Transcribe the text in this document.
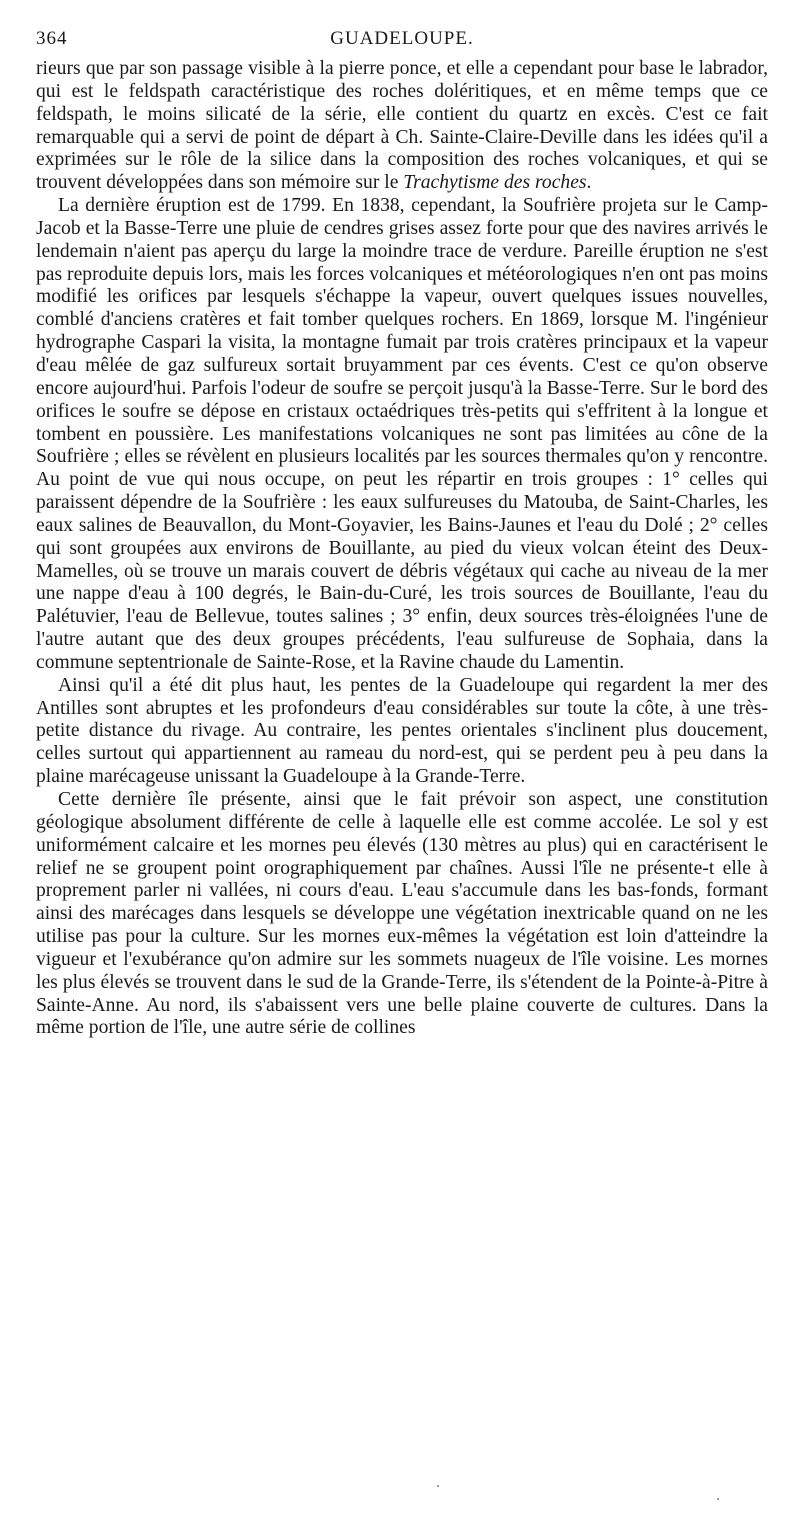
364	GUADELOUPE.

rieurs que par son passage visible à la pierre ponce, et elle a cependant pour base le labrador, qui est le feldspath caractéristique des roches doléritiques, et en même temps que ce feldspath, le moins silicaté de la série, elle contient du quartz en excès. C'est ce fait remarquable qui a servi de point de départ à Ch. Sainte-Claire-Deville dans les idées qu'il a exprimées sur le rôle de la silice dans la composition des roches volcaniques, et qui se trouvent développées dans son mémoire sur le Trachytisme des roches.

La dernière éruption est de 1799. En 1838, cependant, la Soufrière projeta sur le Camp-Jacob et la Basse-Terre une pluie de cendres grises assez forte pour que des navires arrivés le lendemain n'aient pas aperçu du large la moindre trace de verdure. Pareille éruption ne s'est pas reproduite depuis lors, mais les forces volcaniques et météorologiques n'en ont pas moins modifié les orifices par lesquels s'échappe la vapeur, ouvert quelques issues nouvelles, comblé d'anciens cratères et fait tomber quelques rochers. En 1869, lorsque M. l'ingénieur hydrographe Caspari la visita, la montagne fumait par trois cratères principaux et la vapeur d'eau mêlée de gaz sulfureux sortait bruyamment par ces évents. C'est ce qu'on observe encore aujourd'hui. Parfois l'odeur de soufre se perçoit jusqu'à la Basse-Terre. Sur le bord des orifices le soufre se dépose en cristaux octaédriques très-petits qui s'effritent à la longue et tombent en poussière. Les manifestations volcaniques ne sont pas limitées au cône de la Soufrière ; elles se révèlent en plusieurs localités par les sources thermales qu'on y rencontre. Au point de vue qui nous occupe, on peut les répartir en trois groupes : 1° celles qui paraissent dépendre de la Soufrière : les eaux sulfureuses du Matouba, de Saint-Charles, les eaux salines de Beauvallon, du Mont-Goyavier, les Bains-Jaunes et l'eau du Dolé ; 2° celles qui sont groupées aux environs de Bouillante, au pied du vieux volcan éteint des Deux-Mamelles, où se trouve un marais couvert de débris végétaux qui cache au niveau de la mer une nappe d'eau à 100 degrés, le Bain-du-Curé, les trois sources de Bouillante, l'eau du Palétuvier, l'eau de Bellevue, toutes salines ; 3° enfin, deux sources très-éloignées l'une de l'autre autant que des deux groupes précédents, l'eau sulfureuse de Sophaia, dans la commune septentrionale de Sainte-Rose, et la Ravine chaude du Lamentin.

Ainsi qu'il a été dit plus haut, les pentes de la Guadeloupe qui regardent la mer des Antilles sont abruptes et les profondeurs d'eau considérables sur toute la côte, à une très-petite distance du rivage. Au contraire, les pentes orientales s'inclinent plus doucement, celles surtout qui appartiennent au rameau du nord-est, qui se perdent peu à peu dans la plaine marécageuse unissant la Guadeloupe à la Grande-Terre.

Cette dernière île présente, ainsi que le fait prévoir son aspect, une constitution géologique absolument différente de celle à laquelle elle est comme accolée. Le sol y est uniformément calcaire et les mornes peu élevés (130 mètres au plus) qui en caractérisent le relief ne se groupent point orographiquement par chaînes. Aussi l'île ne présente-t elle à proprement parler ni vallées, ni cours d'eau. L'eau s'accumule dans les bas-fonds, formant ainsi des marécages dans lesquels se développe une végétation inextricable quand on ne les utilise pas pour la culture. Sur les mornes eux-mêmes la végétation est loin d'atteindre la vigueur et l'exubérance qu'on admire sur les sommets nuageux de l'île voisine. Les mornes les plus élevés se trouvent dans le sud de la Grande-Terre, ils s'étendent de la Pointe-à-Pitre à Sainte-Anne. Au nord, ils s'abaissent vers une belle plaine couverte de cultures. Dans la même portion de l'île, une autre série de collines
